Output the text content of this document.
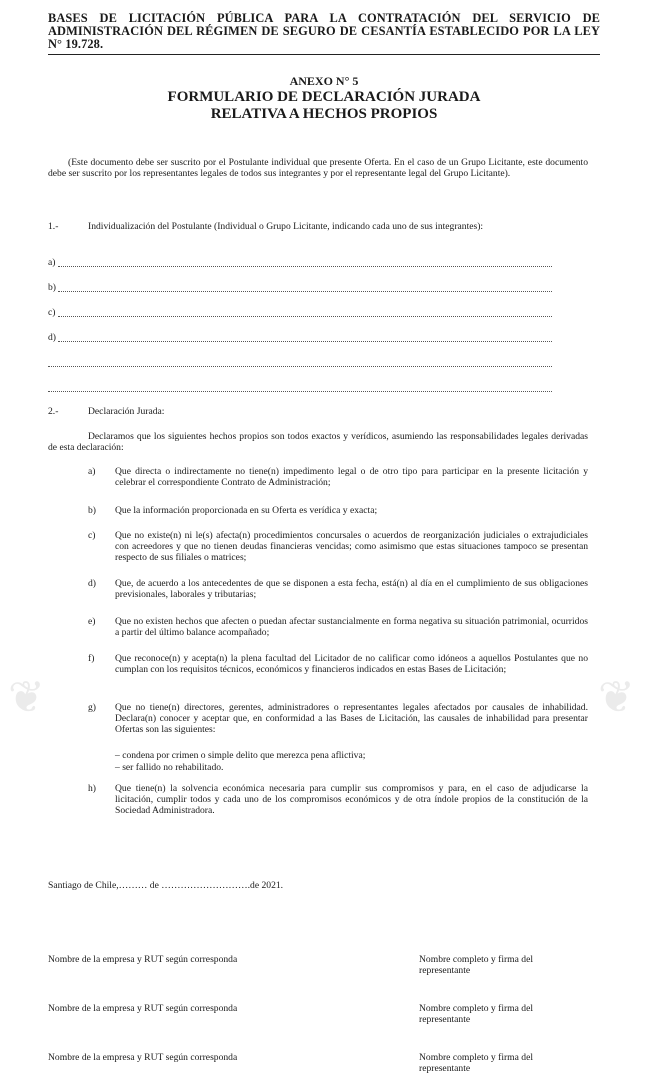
BASES DE LICITACIÓN PÚBLICA PARA LA CONTRATACIÓN DEL SERVICIO DE ADMINISTRACIÓN DEL RÉGIMEN DE SEGURO DE CESANTÍA ESTABLECIDO POR LA LEY N° 19.728.
❦	❦
ANEXO N° 5
FORMULARIO DE DECLARACIÓN JURADA
RELATIVA A HECHOS PROPIOS
(Este documento debe ser suscrito por el Postulante individual que presente Oferta. En el caso de un Grupo Licitante, este documento debe ser suscrito por los representantes legales de todos sus integrantes y por el representante legal del Grupo Licitante).
1.-	Individualización del Postulante (Individual o Grupo Licitante, indicando cada uno de sus integrantes):
a)
b)
c)
d)
2.-	Declaración Jurada:
Declaramos que los siguientes hechos propios son todos exactos y verídicos, asumiendo las responsabilidades legales derivadas de esta declaración:
a) Que directa o indirectamente no tiene(n) impedimento legal o de otro tipo para participar en la presente licitación y celebrar el correspondiente Contrato de Administración;
b) Que la información proporcionada en su Oferta es verídica y exacta;
c) Que no existe(n) ni le(s) afecta(n) procedimientos concursales o acuerdos de reorganización judiciales o extrajudiciales con acreedores y que no tienen deudas financieras vencidas; como asimismo que estas situaciones tampoco se presentan respecto de sus filiales o matrices;
d) Que, de acuerdo a los antecedentes de que se disponen a esta fecha, está(n) al día en el cumplimiento de sus obligaciones previsionales, laborales y tributarias;
e) Que no existen hechos que afecten o puedan afectar sustancialmente en forma negativa su situación patrimonial, ocurridos a partir del último balance acompañado;
f) Que reconoce(n) y acepta(n) la plena facultad del Licitador de no calificar como idóneos a aquellos Postulantes que no cumplan con los requisitos técnicos, económicos y financieros indicados en estas Bases de Licitación;
g) Que no tiene(n) directores, gerentes, administradores o representantes legales afectados por causales de inhabilidad. Declara(n) conocer y aceptar que, en conformidad a las Bases de Licitación, las causales de inhabilidad para presentar Ofertas son las siguientes:
– condena por crimen o simple delito que merezca pena aflictiva;
– ser fallido no rehabilitado.
h) Que tiene(n) la solvencia económica necesaria para cumplir sus compromisos y para, en el caso de adjudicarse la licitación, cumplir todos y cada uno de los compromisos económicos y de otra índole propios de la constitución de la Sociedad Administradora.
Santiago de Chile,……… de ……………………….de 2021.
Nombre de la empresa y RUT según corresponda	Nombre completo y firma del
representante
Nombre de la empresa y RUT según corresponda	Nombre completo y firma del
representante
Nombre de la empresa y RUT según corresponda	Nombre completo y firma del
representante
